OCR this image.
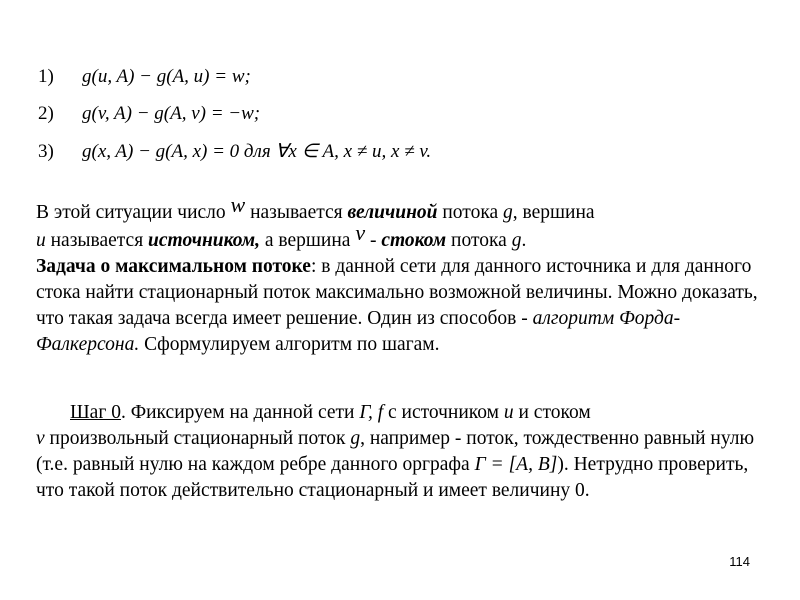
1) g(u, A) − g(A, u) = w;
2) g(v, A) − g(A, v) = −w;
3) g(x, A) − g(A, x) = 0 для ∀x ∈ A, x ≠ u, x ≠ v.
В этой ситуации число w называется величиной потока g, вершина
u называется источником, а вершина v - стоком потока g.
Задача о максимальном потоке: в данной сети для данного источника и для данного стока найти стационарный поток максимально возможной величины. Можно доказать, что такая задача всегда имеет решение. Один из способов - алгоритм Форда-Фалкерсона. Сформулируем алгоритм по шагам.
Шаг 0. Фиксируем на данной сети Γ, f с источником u и стоком
v произвольный стационарный поток g, например - поток, тождественно равный нулю (т.е. равный нулю на каждом ребре данного орграфа Γ = [A, B]). Нетрудно проверить, что такой поток действительно стационарный и имеет величину 0.
114
